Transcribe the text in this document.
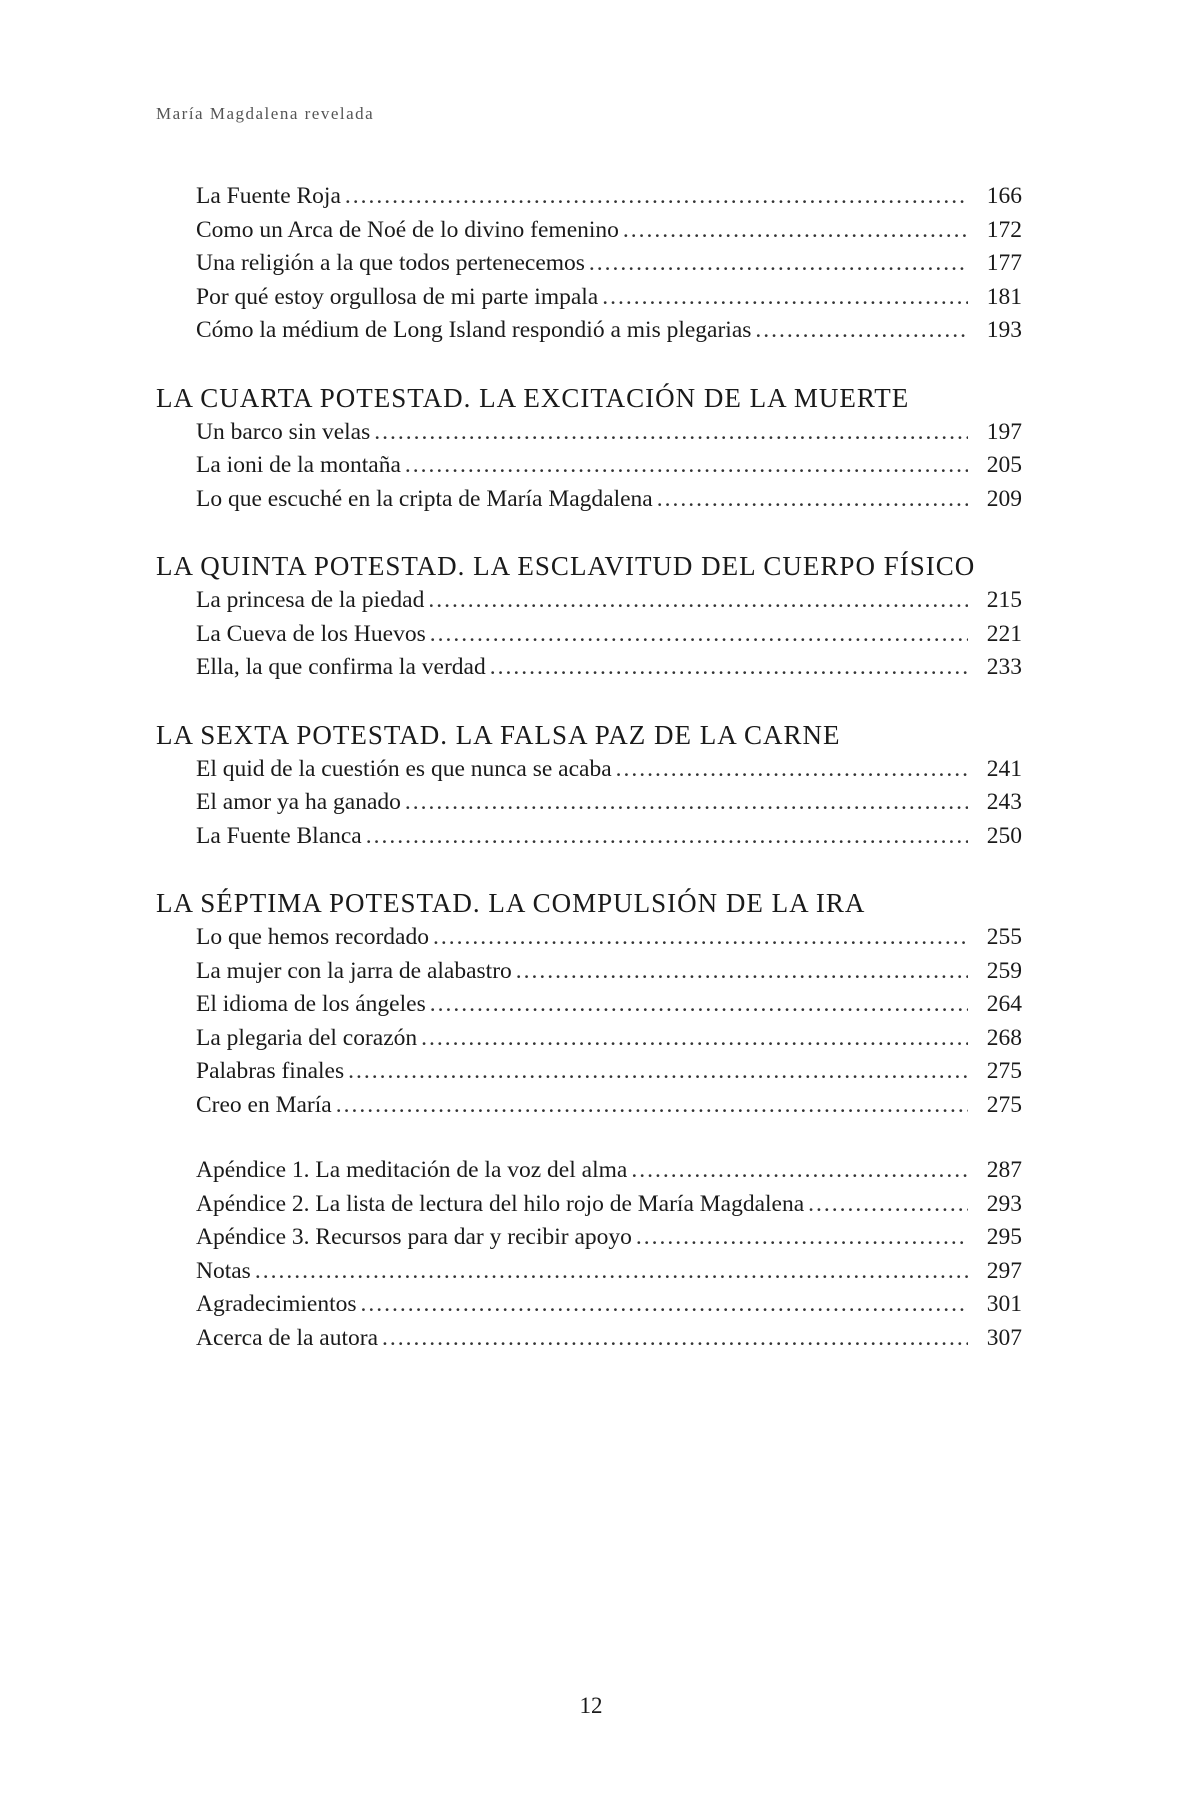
María Magdalena revelada
La Fuente Roja .....	166
Como un Arca de Noé de lo divino femenino .....	172
Una religión a la que todos pertenecemos .....	177
Por qué estoy orgullosa de mi parte impala .....	181
Cómo la médium de Long Island respondió a mis plegarias .....	193
LA CUARTA POTESTAD. LA EXCITACIÓN DE LA MUERTE
Un barco sin velas .....	197
La ioni de la montaña .....	205
Lo que escuché en la cripta de María Magdalena .....	209
LA QUINTA POTESTAD. LA ESCLAVITUD DEL CUERPO FÍSICO
La princesa de la piedad .....	215
La Cueva de los Huevos .....	221
Ella, la que confirma la verdad .....	233
LA SEXTA POTESTAD. LA FALSA PAZ DE LA CARNE
El quid de la cuestión es que nunca se acaba .....	241
El amor ya ha ganado .....	243
La Fuente Blanca .....	250
LA SÉPTIMA POTESTAD. LA COMPULSIÓN DE LA IRA
Lo que hemos recordado .....	255
La mujer con la jarra de alabastro .....	259
El idioma de los ángeles .....	264
La plegaria del corazón .....	268
Palabras finales .....	275
Creo en María .....	275
Apéndice 1. La meditación de la voz del alma .....	287
Apéndice 2. La lista de lectura del hilo rojo de María Magdalena .....	293
Apéndice 3. Recursos para dar y recibir apoyo .....	295
Notas .....	297
Agradecimientos .....	301
Acerca de la autora .....	307
12
